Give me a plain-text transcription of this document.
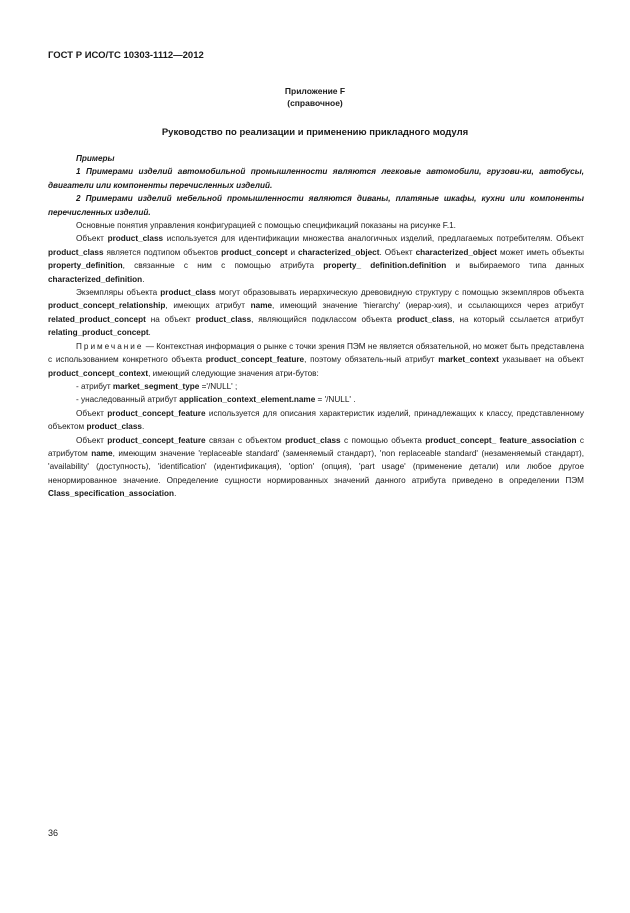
ГОСТ Р ИСО/ТС 10303-1112—2012
Приложение F
(справочное)
Руководство по реализации и применению прикладного модуля

Примеры

1 Примерами изделий автомобильной промышленности являются легковые автомобили, грузови-ки, автобусы, двигатели или компоненты перечисленных изделий.

2 Примерами изделий мебельной промышленности являются диваны, платяные шкафы, кухни или компоненты перечисленных изделий.

Основные понятия управления конфигурацией с помощью спецификаций показаны на рисунке F.1.

Объект product_class используется для идентификации множества аналогичных изделий, предлагаемых потребителям. Объект product_class является подтипом объектов product_concept и characterized_object. Объект characterized_object может иметь объекты property_definition, связанные с ним с помощью атрибута property_ definition.definition и выбираемого типа данных characterized_definition.

Экземпляры объекта product_class могут образовывать иерархическую древовидную структуру с помощью экземпляров объекта product_concept_relationship, имеющих атрибут name, имеющий значение 'hierarchy' (иерар-хия), и ссылающихся через атрибут related_product_concept на объект product_class, являющийся подклассом объекта product_class, на который ссылается атрибут relating_product_concept.

Примечание — Контекстная информация о рынке с точки зрения ПЭМ не является обязательной, но может быть представлена с использованием конкретного объекта product_concept_feature, поэтому обязатель-ный атрибут market_context указывает на объект product_concept_context, имеющий следующие значения атри-бутов:

- атрибут market_segment_type ='/NULL' ;

- унаследованный атрибут application_context_element.name = '/NULL' .

Объект product_concept_feature используется для описания характеристик изделий, принадлежащих к классу, представленному объектом product_class.

Объект product_concept_feature связан с объектом product_class с помощью объекта product_concept_ feature_association с атрибутом name, имеющим значение 'replaceable standard' (заменяемый стандарт), 'non replaceable standard' (незаменяемый стандарт), 'availability' (доступность), 'identification' (идентификация), 'option' (опция), 'part usage' (применение детали) или любое другое ненормированное значение. Определение сущности нормированных значений данного атрибута приведено в определении ПЭМ Class_specification_association.

36
